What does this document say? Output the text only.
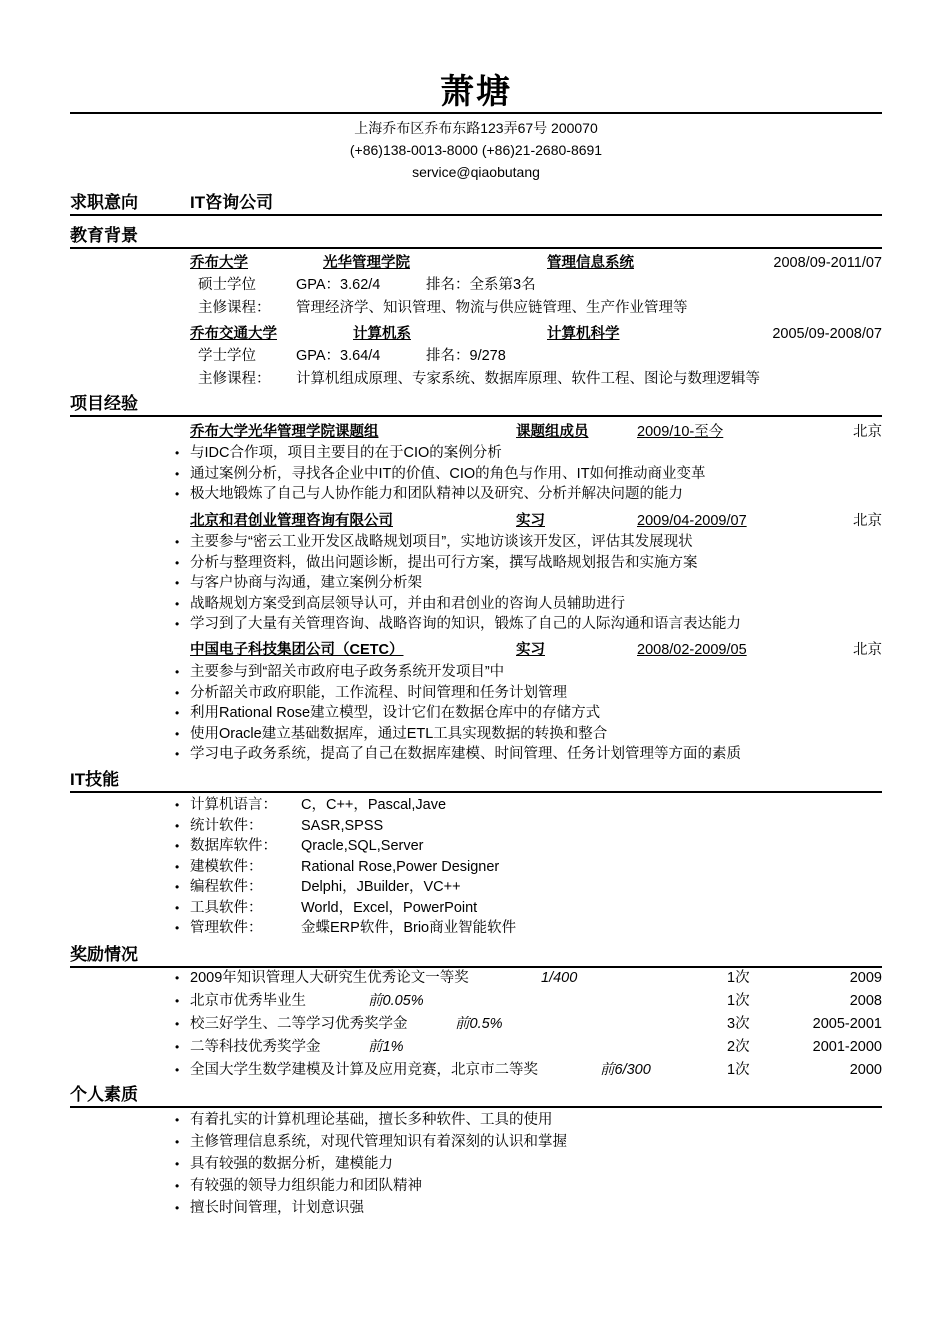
萧塘
上海乔布区乔布东路123弄67号 200070
(+86)138-0013-8000 (+86)21-2680-8691
service@qiaobutang
求职意向	IT咨询公司
教育背景
乔布大学	光华管理学院	管理信息系统	2008/09-2011/07
硕士学位	GPA：3.62/4	排名：全系第3名
主修课程： 管理经济学、知识管理、物流与供应链管理、生产作业管理等
乔布交通大学	计算机系	计算机科学	2005/09-2008/07
学士学位	GPA：3.64/4	排名：9/278
主修课程： 计算机组成原理、专家系统、数据库原理、软件工程、图论与数理逻辑等
项目经验
乔布大学光华管理学院课题组	课题组成员	2009/10-至今	北京
• 与IDC合作项，项目主要目的在于CIO的案例分析
• 通过案例分析，寻找各企业中IT的价值、CIO的角色与作用、IT如何推动商业变革
• 极大地锻炼了自己与人协作能力和团队精神以及研究、分析并解决问题的能力
北京和君创业管理咨询有限公司	实习	2009/04-2009/07	北京
• 主要参与“密云工业开发区战略规划项目”，实地访谈该开发区，评估其发展现状
• 分析与整理资料，做出问题诊断，提出可行方案，撰写战略规划报告和实施方案
• 与客户协商与沟通，建立案例分析架
• 战略规划方案受到高层领导认可，并由和君创业的咨询人员辅助进行
• 学习到了大量有关管理咨询、战略咨询的知识，锻炼了自己的人际沟通和语言表达能力
中国电子科技集团公司（CETC）	实习	2008/02-2009/05	北京
• 主要参与到“韶关市政府电子政务系统开发项目”中
• 分析韶关市政府职能，工作流程、时间管理和任务计划管理
• 利用Rational Rose建立模型，设计它们在数据仓库中的存储方式
• 使用Oracle建立基础数据库，通过ETL工具实现数据的转换和整合
• 学习电子政务系统，提高了自己在数据库建模、时间管理、任务计划管理等方面的素质
IT技能
• 计算机语言： C，C++，Pascal,Jave
• 统计软件：	SASR,SPSS
• 数据库软件： Qracle,SQL,Server
• 建模软件：	Rational Rose,Power Designer
• 编程软件：	Delphi，JBuilder，VC++
• 工具软件：	World，Excel，PowerPoint
• 管理软件：	金蝶ERP软件，Brio商业智能软件
奖励情况
• 2009年知识管理人大研究生优秀论文一等奖	1/400	1次	2009
• 北京市优秀毕业生	前0.05%	1次	2008
• 校三好学生、二等学习优秀奖学金	前0.5%	3次	2005-2001
• 二等科技优秀奖学金	前1%	2次	2001-2000
• 全国大学生数学建模及计算及应用竞赛，北京市二等奖	前6/300	1次	2000
个人素质
• 有着扎实的计算机理论基础，擅长多种软件、工具的使用
• 主修管理信息系统，对现代管理知识有着深刻的认识和掌握
• 具有较强的数据分析，建模能力
• 有较强的领导力组织能力和团队精神
• 擅长时间管理，计划意识强
